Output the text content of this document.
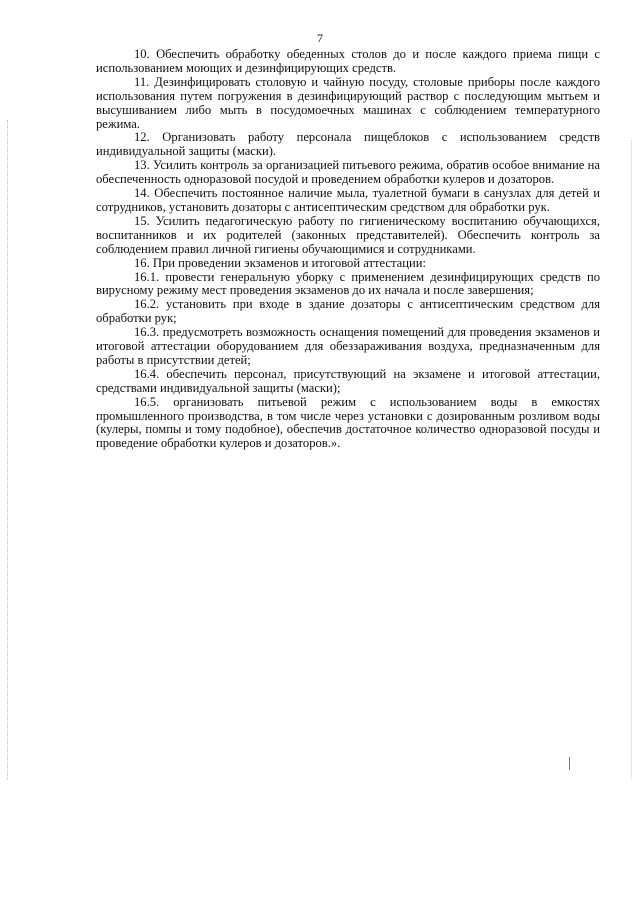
7

10. Обеспечить обработку обеденных столов до и после каждого приема пищи с использованием моющих и дезинфицирующих средств.

11. Дезинфицировать столовую и чайную посуду, столовые приборы после каждого использования путем погружения в дезинфицирующий раствор с последующим мытьем и высушиванием либо мыть в посудомоечных машинах с соблюдением температурного режима.

12. Организовать работу персонала пищеблоков с использованием средств индивидуальной защиты (маски).

13. Усилить контроль за организацией питьевого режима, обратив особое внимание на обеспеченность одноразовой посудой и проведением обработки кулеров и дозаторов.

14. Обеспечить постоянное наличие мыла, туалетной бумаги в санузлах для детей и сотрудников, установить дозаторы с антисептическим средством для обработки рук.

15. Усилить педагогическую работу по гигиеническому воспитанию обучающихся, воспитанников и их родителей (законных представителей). Обеспечить контроль за соблюдением правил личной гигиены обучающимися и сотрудниками.

16. При проведении экзаменов и итоговой аттестации:

16.1. провести генеральную уборку с применением дезинфицирующих средств по вирусному режиму мест проведения экзаменов до их начала и после завершения;

16.2. установить при входе в здание дозаторы с антисептическим средством для обработки рук;

16.3. предусмотреть возможность оснащения помещений для проведения экзаменов и итоговой аттестации оборудованием для обеззараживания воздуха, предназначенным для работы в присутствии детей;

16.4. обеспечить персонал, присутствующий на экзамене и итоговой аттестации, средствами индивидуальной защиты (маски);

16.5. организовать питьевой режим с использованием воды в емкостях промышленного производства, в том числе через установки с дозированным розливом воды (кулеры, помпы и тому подобное), обеспечив достаточное количество одноразовой посуды и проведение обработки кулеров и дозаторов.».
